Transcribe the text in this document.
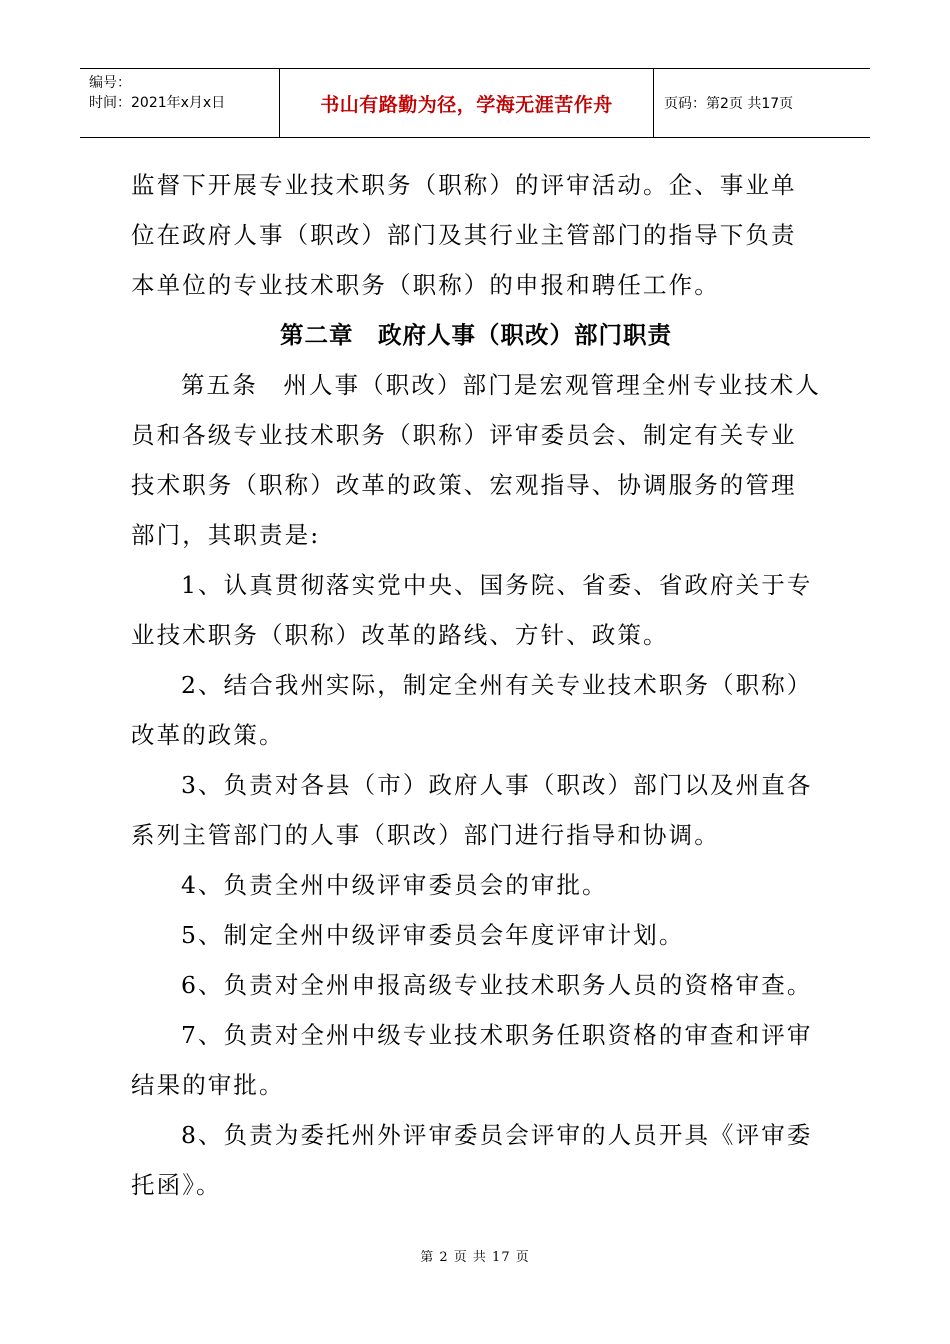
编号：
时间：2021年x月x日	书山有路勤为径，学海无涯苦作舟	页码：第2页 共17页

监督下开展专业技术职务（职称）的评审活动。企、事业单位在政府人事（职改）部门及其行业主管部门的指导下负责本单位的专业技术职务（职称）的申报和聘任工作。

第二章　政府人事（职改）部门职责

第五条　州人事（职改）部门是宏观管理全州专业技术人员和各级专业技术职务（职称）评审委员会、制定有关专业技术职务（职称）改革的政策、宏观指导、协调服务的管理部门，其职责是:

1、认真贯彻落实党中央、国务院、省委、省政府关于专业技术职务（职称）改革的路线、方针、政策。

2、结合我州实际，制定全州有关专业技术职务（职称）改革的政策。

3、负责对各县（市）政府人事（职改）部门以及州直各系列主管部门的人事（职改）部门进行指导和协调。

4、负责全州中级评审委员会的审批。

5、制定全州中级评审委员会年度评审计划。

6、负责对全州申报高级专业技术职务人员的资格审查。

7、负责对全州中级专业技术职务任职资格的审查和评审结果的审批。

8、负责为委托州外评审委员会评审的人员开具《评审委托函》。

第 2 页 共 17 页
